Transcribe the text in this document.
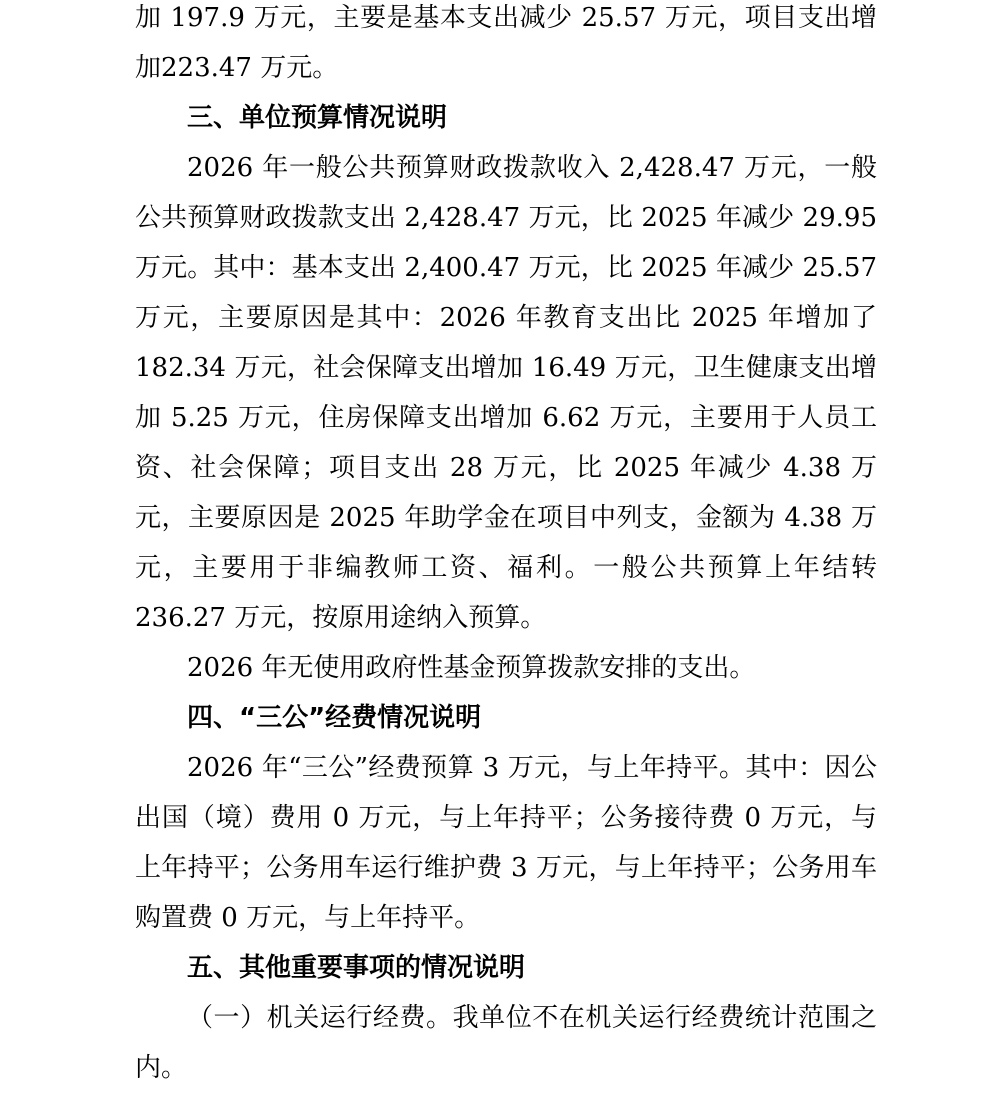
加 197.9 万元，主要是基本支出减少 25.57 万元，项目支出增加223.47 万元。

三、单位预算情况说明

2026 年一般公共预算财政拨款收入 2,428.47 万元，一般公共预算财政拨款支出 2,428.47 万元，比 2025 年减少 29.95 万元。其中：基本支出 2,400.47 万元，比 2025 年减少 25.57 万元，主要原因是其中：2026 年教育支出比 2025 年增加了 182.34 万元，社会保障支出增加 16.49 万元，卫生健康支出增加 5.25 万元，住房保障支出增加 6.62 万元，主要用于人员工资、社会保障；项目支出 28 万元，比 2025 年减少 4.38 万元，主要原因是 2025 年助学金在项目中列支，金额为 4.38 万元，主要用于非编教师工资、福利。一般公共预算上年结转 236.27 万元，按原用途纳入预算。

2026 年无使用政府性基金预算拨款安排的支出。

四、“三公”经费情况说明

2026 年“三公”经费预算 3 万元，与上年持平。其中：因公出国（境）费用 0 万元，与上年持平；公务接待费 0 万元，与上年持平；公务用车运行维护费 3 万元，与上年持平；公务用车购置费 0 万元，与上年持平。

五、其他重要事项的情况说明

（一）机关运行经费。我单位不在机关运行经费统计范围之内。
